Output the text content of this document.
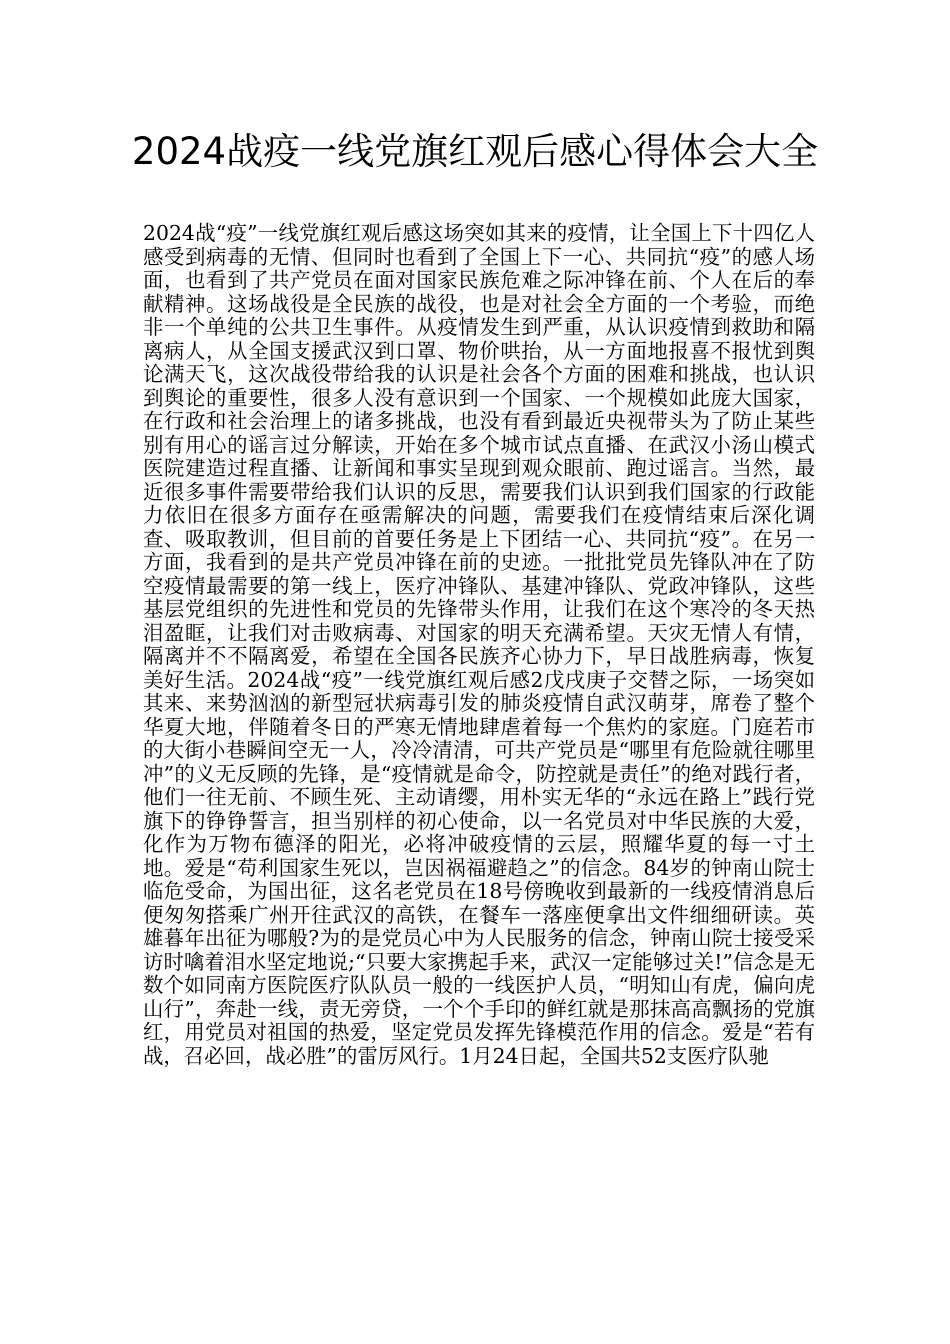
2024战疫一线党旗红观后感心得体会大全

2024战“疫”一线党旗红观后感这场突如其来的疫情，让全国上下十四亿人感受到病毒的无情、但同时也看到了全国上下一心、共同抗“疫”的感人场面，也看到了共产党员在面对国家民族危难之际冲锋在前、个人在后的奉献精神。这场战役是全民族的战役，也是对社会全方面的一个考验，而绝非一个单纯的公共卫生事件。从疫情发生到严重，从认识疫情到救助和隔离病人，从全国支援武汉到口罩、物价哄抬，从一方面地报喜不报忧到舆论满天飞，这次战役带给我的认识是社会各个方面的困难和挑战，也认识到舆论的重要性，很多人没有意识到一个国家、一个规模如此庞大国家，在行政和社会治理上的诸多挑战，也没有看到最近央视带头为了防止某些别有用心的谣言过分解读，开始在多个城市试点直播、在武汉小汤山模式医院建造过程直播、让新闻和事实呈现到观众眼前、跑过谣言。当然，最近很多事件需要带给我们认识的反思，需要我们认识到我们国家的行政能力依旧在很多方面存在亟需解决的问题，需要我们在疫情结束后深化调查、吸取教训，但目前的首要任务是上下团结一心、共同抗“疫”。在另一方面，我看到的是共产党员冲锋在前的史迹。一批批党员先锋队冲在了防空疫情最需要的第一线上，医疗冲锋队、基建冲锋队、党政冲锋队，这些基层党组织的先进性和党员的先锋带头作用，让我们在这个寒冷的冬天热泪盈眶，让我们对击败病毒、对国家的明天充满希望。天灾无情人有情，隔离并不不隔离爱，希望在全国各民族齐心协力下，早日战胜病毒，恢复美好生活。2024战“疫”一线党旗红观后感2戊戌庚子交替之际，一场突如其来、来势汹汹的新型冠状病毒引发的肺炎疫情自武汉萌芽，席卷了整个华夏大地，伴随着冬日的严寒无情地肆虐着每一个焦灼的家庭。门庭若市的大街小巷瞬间空无一人，冷冷清清，可共产党员是“哪里有危险就往哪里冲”的义无反顾的先锋，是“疫情就是命令，防控就是责任”的绝对践行者，他们一往无前、不顾生死、主动请缨，用朴实无华的“永远在路上”践行党旗下的铮铮誓言，担当别样的初心使命，以一名党员对中华民族的大爱，化作为万物布德泽的阳光，必将冲破疫情的云层，照耀华夏的每一寸土地。爱是“苟利国家生死以，岂因祸福避趋之”的信念。84岁的钟南山院士临危受命，为国出征，这名老党员在18号傍晚收到最新的一线疫情消息后便匆匆搭乘广州开往武汉的高铁，在餐车一落座便拿出文件细细研读。英雄暮年出征为哪般?为的是党员心中为人民服务的信念，钟南山院士接受采访时噙着泪水坚定地说;“只要大家携起手来，武汉一定能够过关!”信念是无数个如同南方医院医疗队队员一般的一线医护人员，“明知山有虎，偏向虎山行”，奔赴一线，责无旁贷，一个个手印的鲜红就是那抹高高飘扬的党旗红，用党员对祖国的热爱，坚定党员发挥先锋模范作用的信念。爱是“若有战，召必回，战必胜”的雷厉风行。1月24日起，全国共52支医疗队驰
